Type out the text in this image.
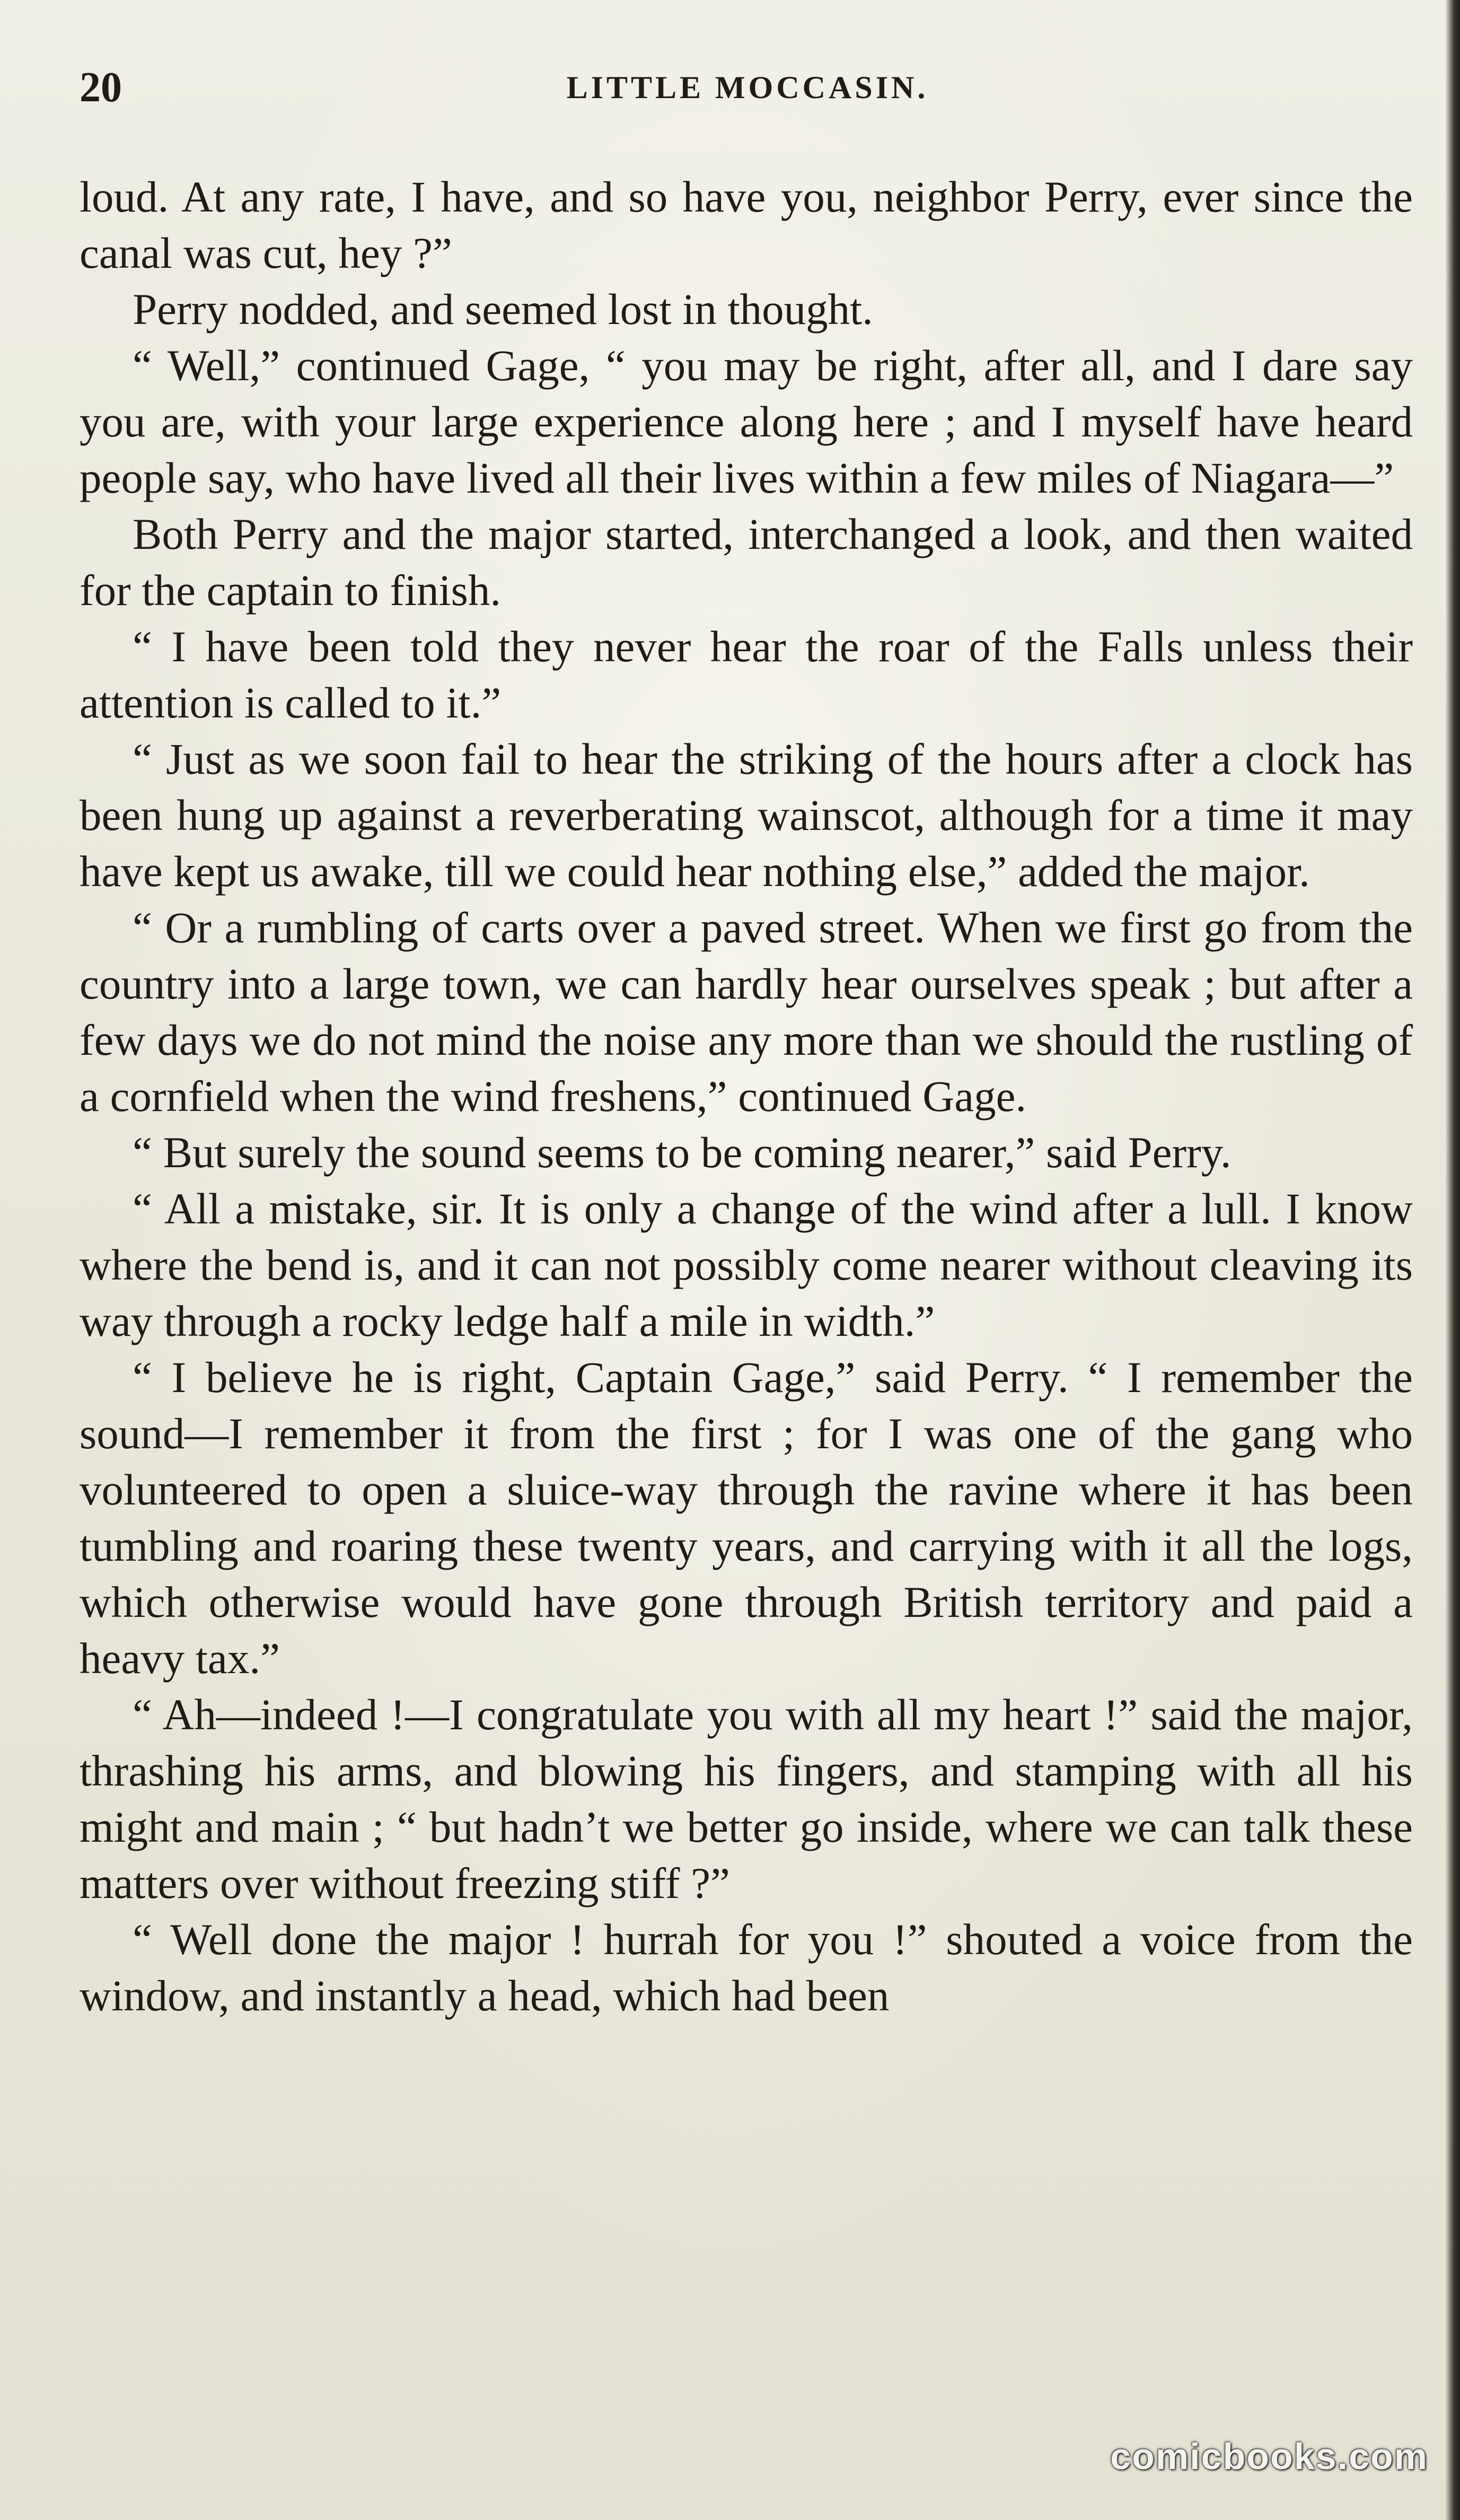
20	LITTLE MOCCASIN.

loud. At any rate, I have, and so have you, neighbor Perry, ever since the canal was cut, hey ?”

Perry nodded, and seemed lost in thought.

“ Well,” continued Gage, “ you may be right, after all, and I dare say you are, with your large experience along here ; and I myself have heard people say, who have lived all their lives within a few miles of Niagara—”

Both Perry and the major started, interchanged a look, and then waited for the captain to finish.

“ I have been told they never hear the roar of the Falls unless their attention is called to it.”

“ Just as we soon fail to hear the striking of the hours after a clock has been hung up against a reverberating wainscot, although for a time it may have kept us awake, till we could hear nothing else,” added the major.

“ Or a rumbling of carts over a paved street. When we first go from the country into a large town, we can hardly hear ourselves speak ; but after a few days we do not mind the noise any more than we should the rustling of a cornfield when the wind freshens,” continued Gage.

“ But surely the sound seems to be coming nearer,” said Perry.

“ All a mistake, sir. It is only a change of the wind after a lull. I know where the bend is, and it can not possibly come nearer without cleaving its way through a rocky ledge half a mile in width.”

“ I believe he is right, Captain Gage,” said Perry. “ I remember the sound—I remember it from the first ; for I was one of the gang who volunteered to open a sluice-way through the ravine where it has been tumbling and roaring these twenty years, and carrying with it all the logs, which otherwise would have gone through British territory and paid a heavy tax.”

“ Ah—indeed !—I congratulate you with all my heart !” said the major, thrashing his arms, and blowing his fingers, and stamping with all his might and main ; “ but hadn’t we better go inside, where we can talk these matters over without freezing stiff ?”

“ Well done the major ! hurrah for you !” shouted a voice from the window, and instantly a head, which had been

comicbooks.com
